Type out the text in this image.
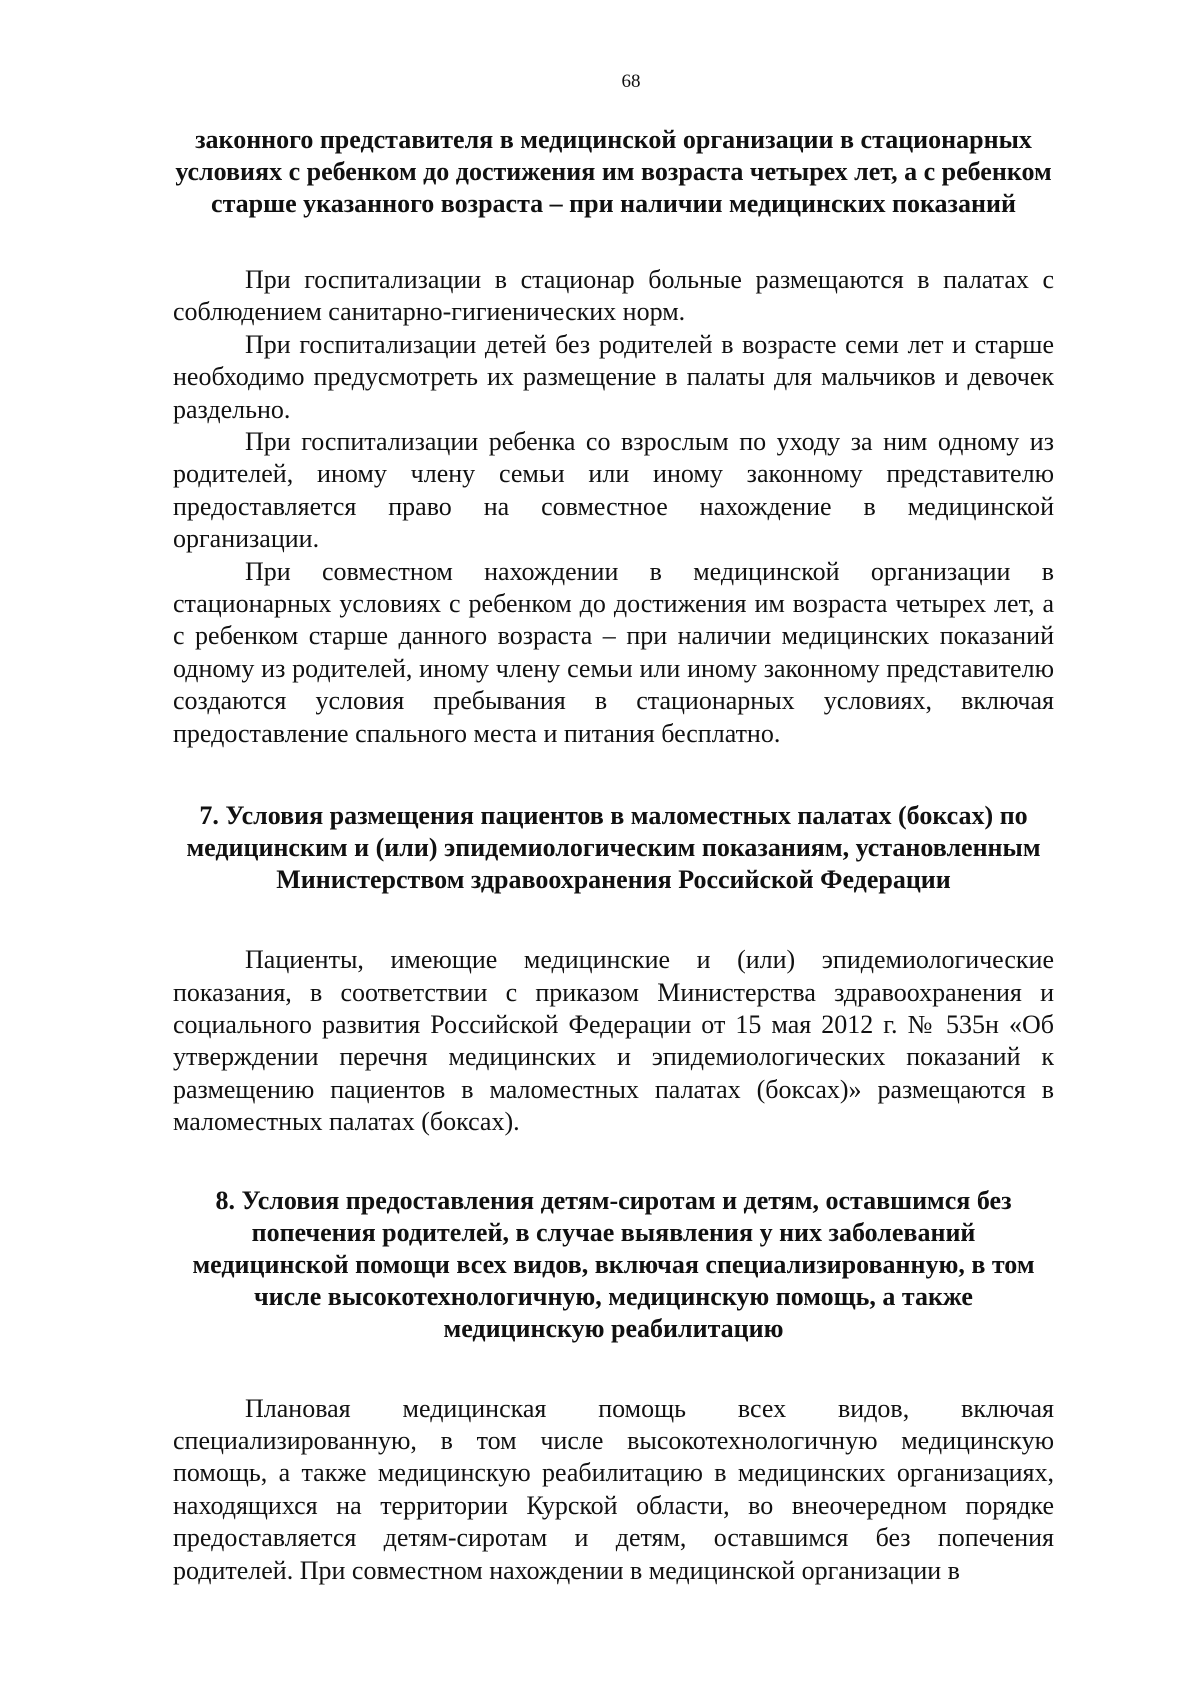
68
законного представителя в медицинской организации в стационарных условиях с ребенком до достижения им возраста четырех лет, а с ребенком старше указанного возраста – при наличии медицинских показаний

При госпитализации в стационар больные размещаются в палатах с соблюдением санитарно-гигиенических норм.

При госпитализации детей без родителей в возрасте семи лет и старше необходимо предусмотреть их размещение в палаты для мальчиков и девочек раздельно.

При госпитализации ребенка со взрослым по уходу за ним одному из родителей, иному члену семьи или иному законному представителю предоставляется право на совместное нахождение в медицинской организации.

При совместном нахождении в медицинской организации в стационарных условиях с ребенком до достижения им возраста четырех лет, а с ребенком старше данного возраста – при наличии медицинских показаний одному из родителей, иному члену семьи или иному законному представителю создаются условия пребывания в стационарных условиях, включая предоставление спального места и питания бесплатно.

7. Условия размещения пациентов в маломестных палатах (боксах) по медицинским и (или) эпидемиологическим показаниям, установленным Министерством здравоохранения Российской Федерации

Пациенты, имеющие медицинские и (или) эпидемиологические показания, в соответствии с приказом Министерства здравоохранения и социального развития Российской Федерации от 15 мая 2012 г. № 535н «Об утверждении перечня медицинских и эпидемиологических показаний к размещению пациентов в маломестных палатах (боксах)» размещаются в маломестных палатах (боксах).

8. Условия предоставления детям-сиротам и детям, оставшимся без попечения родителей, в случае выявления у них заболеваний медицинской помощи всех видов, включая специализированную, в том числе высокотехнологичную, медицинскую помощь, а также медицинскую реабилитацию

Плановая медицинская помощь всех видов, включая специализированную, в том числе высокотехнологичную медицинскую помощь, а также медицинскую реабилитацию в медицинских организациях, находящихся на территории Курской области, во внеочередном порядке предоставляется детям-сиротам и детям, оставшимся без попечения родителей. При совместном нахождении в медицинской организации в
